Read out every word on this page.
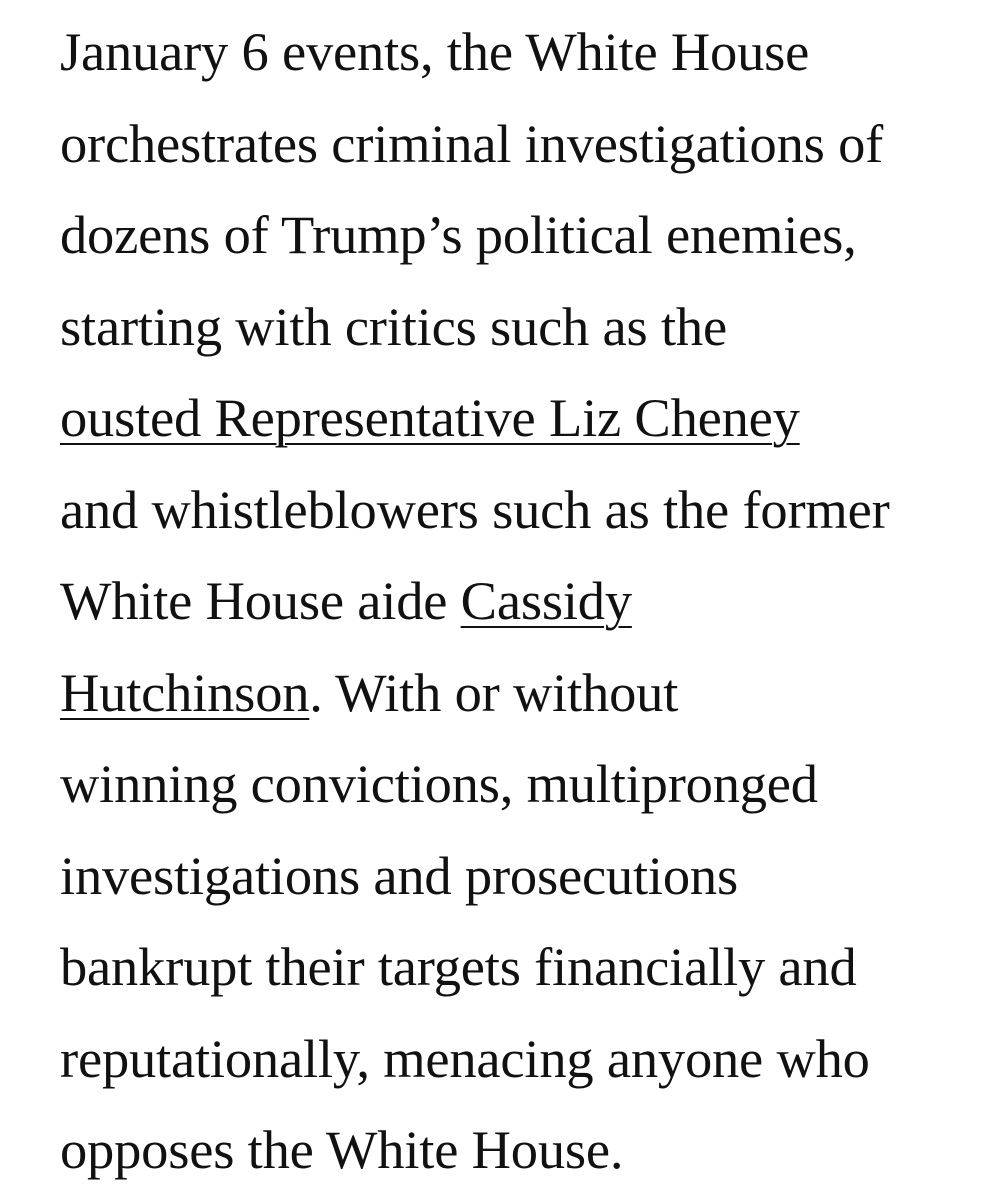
January 6 events, the White House
orchestrates criminal investigations of
dozens of Trump’s political enemies,
starting with critics such as the
ousted Representative Liz Cheney
and whistleblowers such as the former
White House aide Cassidy
Hutchinson. With or without
winning convictions, multipronged
investigations and prosecutions
bankrupt their targets financially and
reputationally, menacing anyone who
opposes the White House.
